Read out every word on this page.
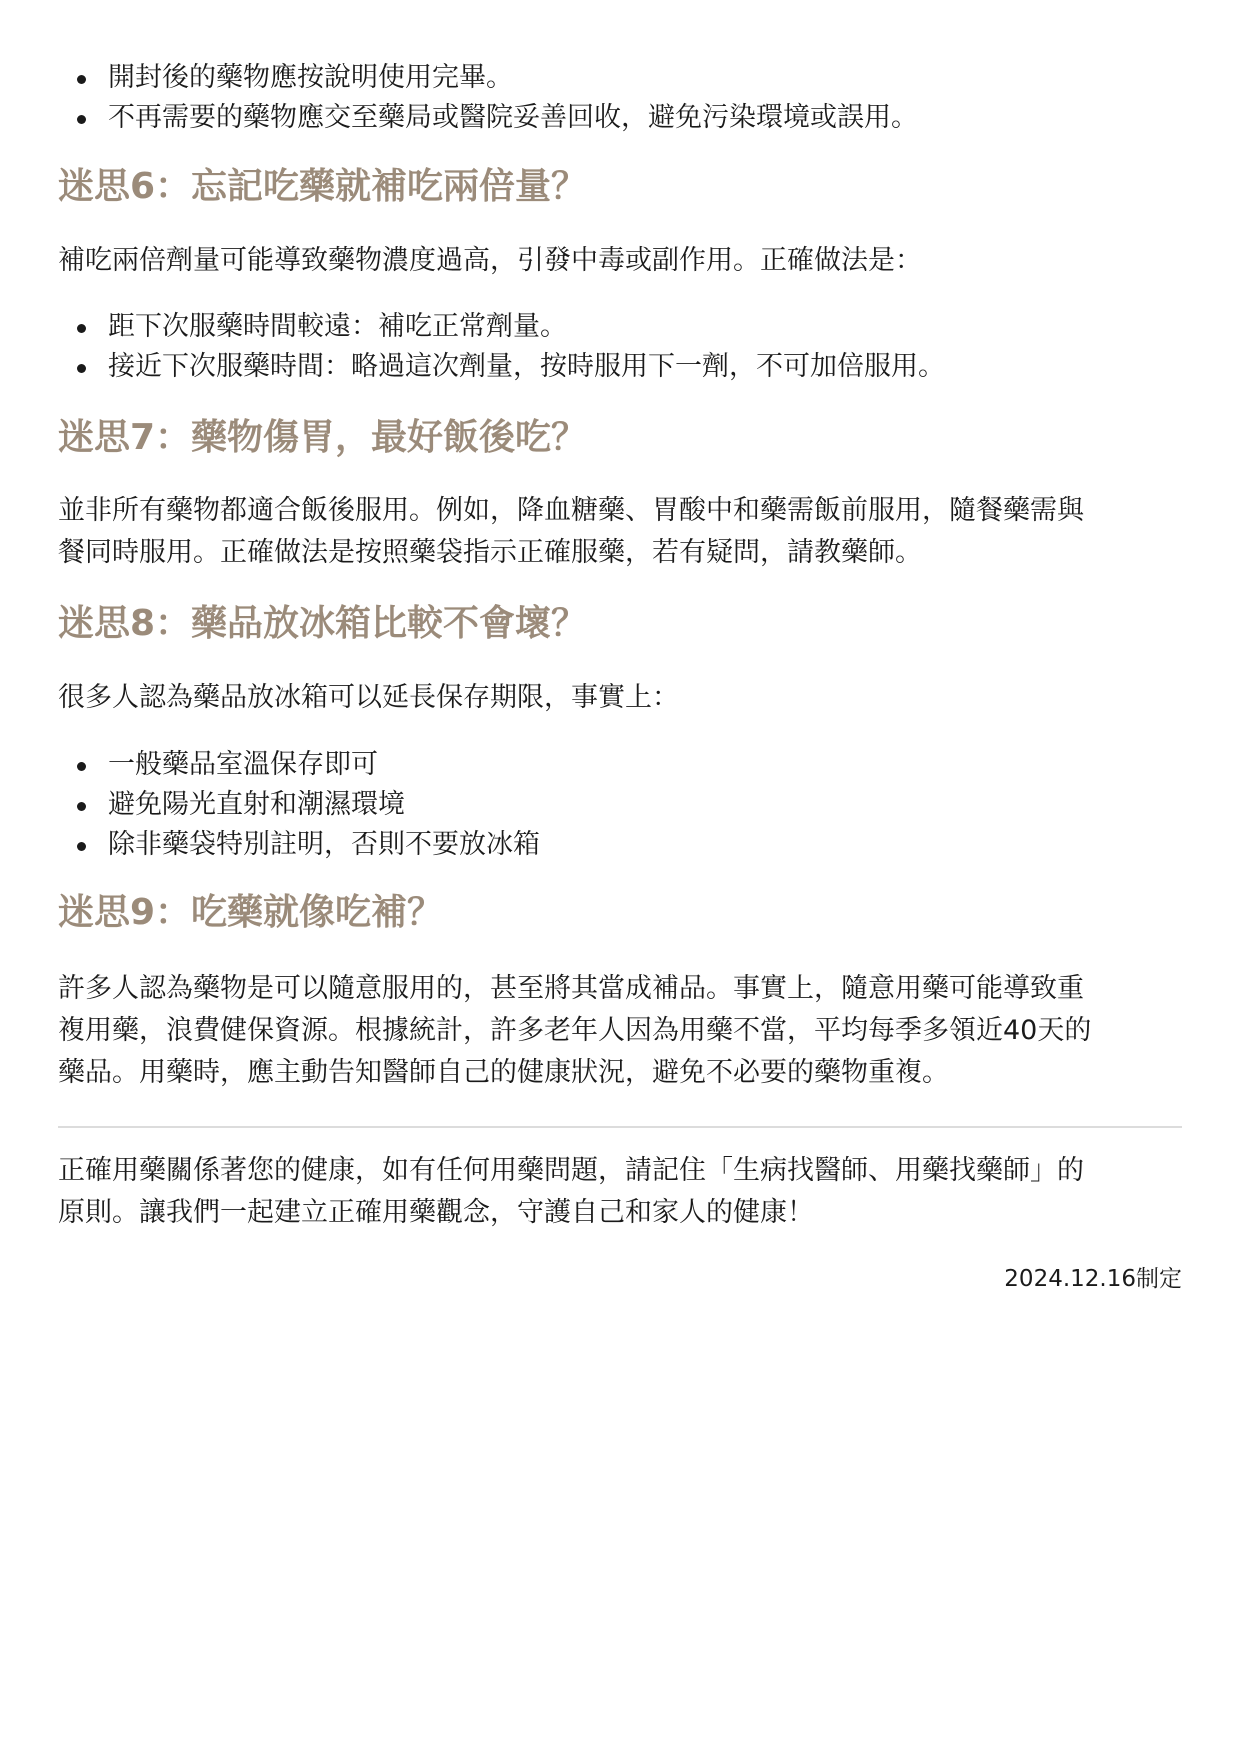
開封後的藥物應按說明使用完畢。
不再需要的藥物應交至藥局或醫院妥善回收，避免污染環境或誤用。
迷思6：忘記吃藥就補吃兩倍量？

補吃兩倍劑量可能導致藥物濃度過高，引發中毒或副作用。正確做法是：

距下次服藥時間較遠：補吃正常劑量。
接近下次服藥時間：略過這次劑量，按時服用下一劑，不可加倍服用。
迷思7：藥物傷胃，最好飯後吃？

並非所有藥物都適合飯後服用。例如，降血糖藥、胃酸中和藥需飯前服用，隨餐藥需與

餐同時服用。正確做法是按照藥袋指示正確服藥，若有疑問，請教藥師。

迷思8：藥品放冰箱比較不會壞？

很多人認為藥品放冰箱可以延長保存期限，事實上：

一般藥品室溫保存即可
避免陽光直射和潮濕環境
除非藥袋特別註明，否則不要放冰箱
迷思9：吃藥就像吃補？

許多人認為藥物是可以隨意服用的，甚至將其當成補品。事實上，隨意用藥可能導致重

複用藥，浪費健保資源。根據統計，許多老年人因為用藥不當，平均每季多領近40天的

藥品。用藥時，應主動告知醫師自己的健康狀況，避免不必要的藥物重複。

正確用藥關係著您的健康，如有任何用藥問題，請記住「生病找醫師、用藥找藥師」的

原則。讓我們一起建立正確用藥觀念，守護自己和家人的健康！

2024.12.16制定
